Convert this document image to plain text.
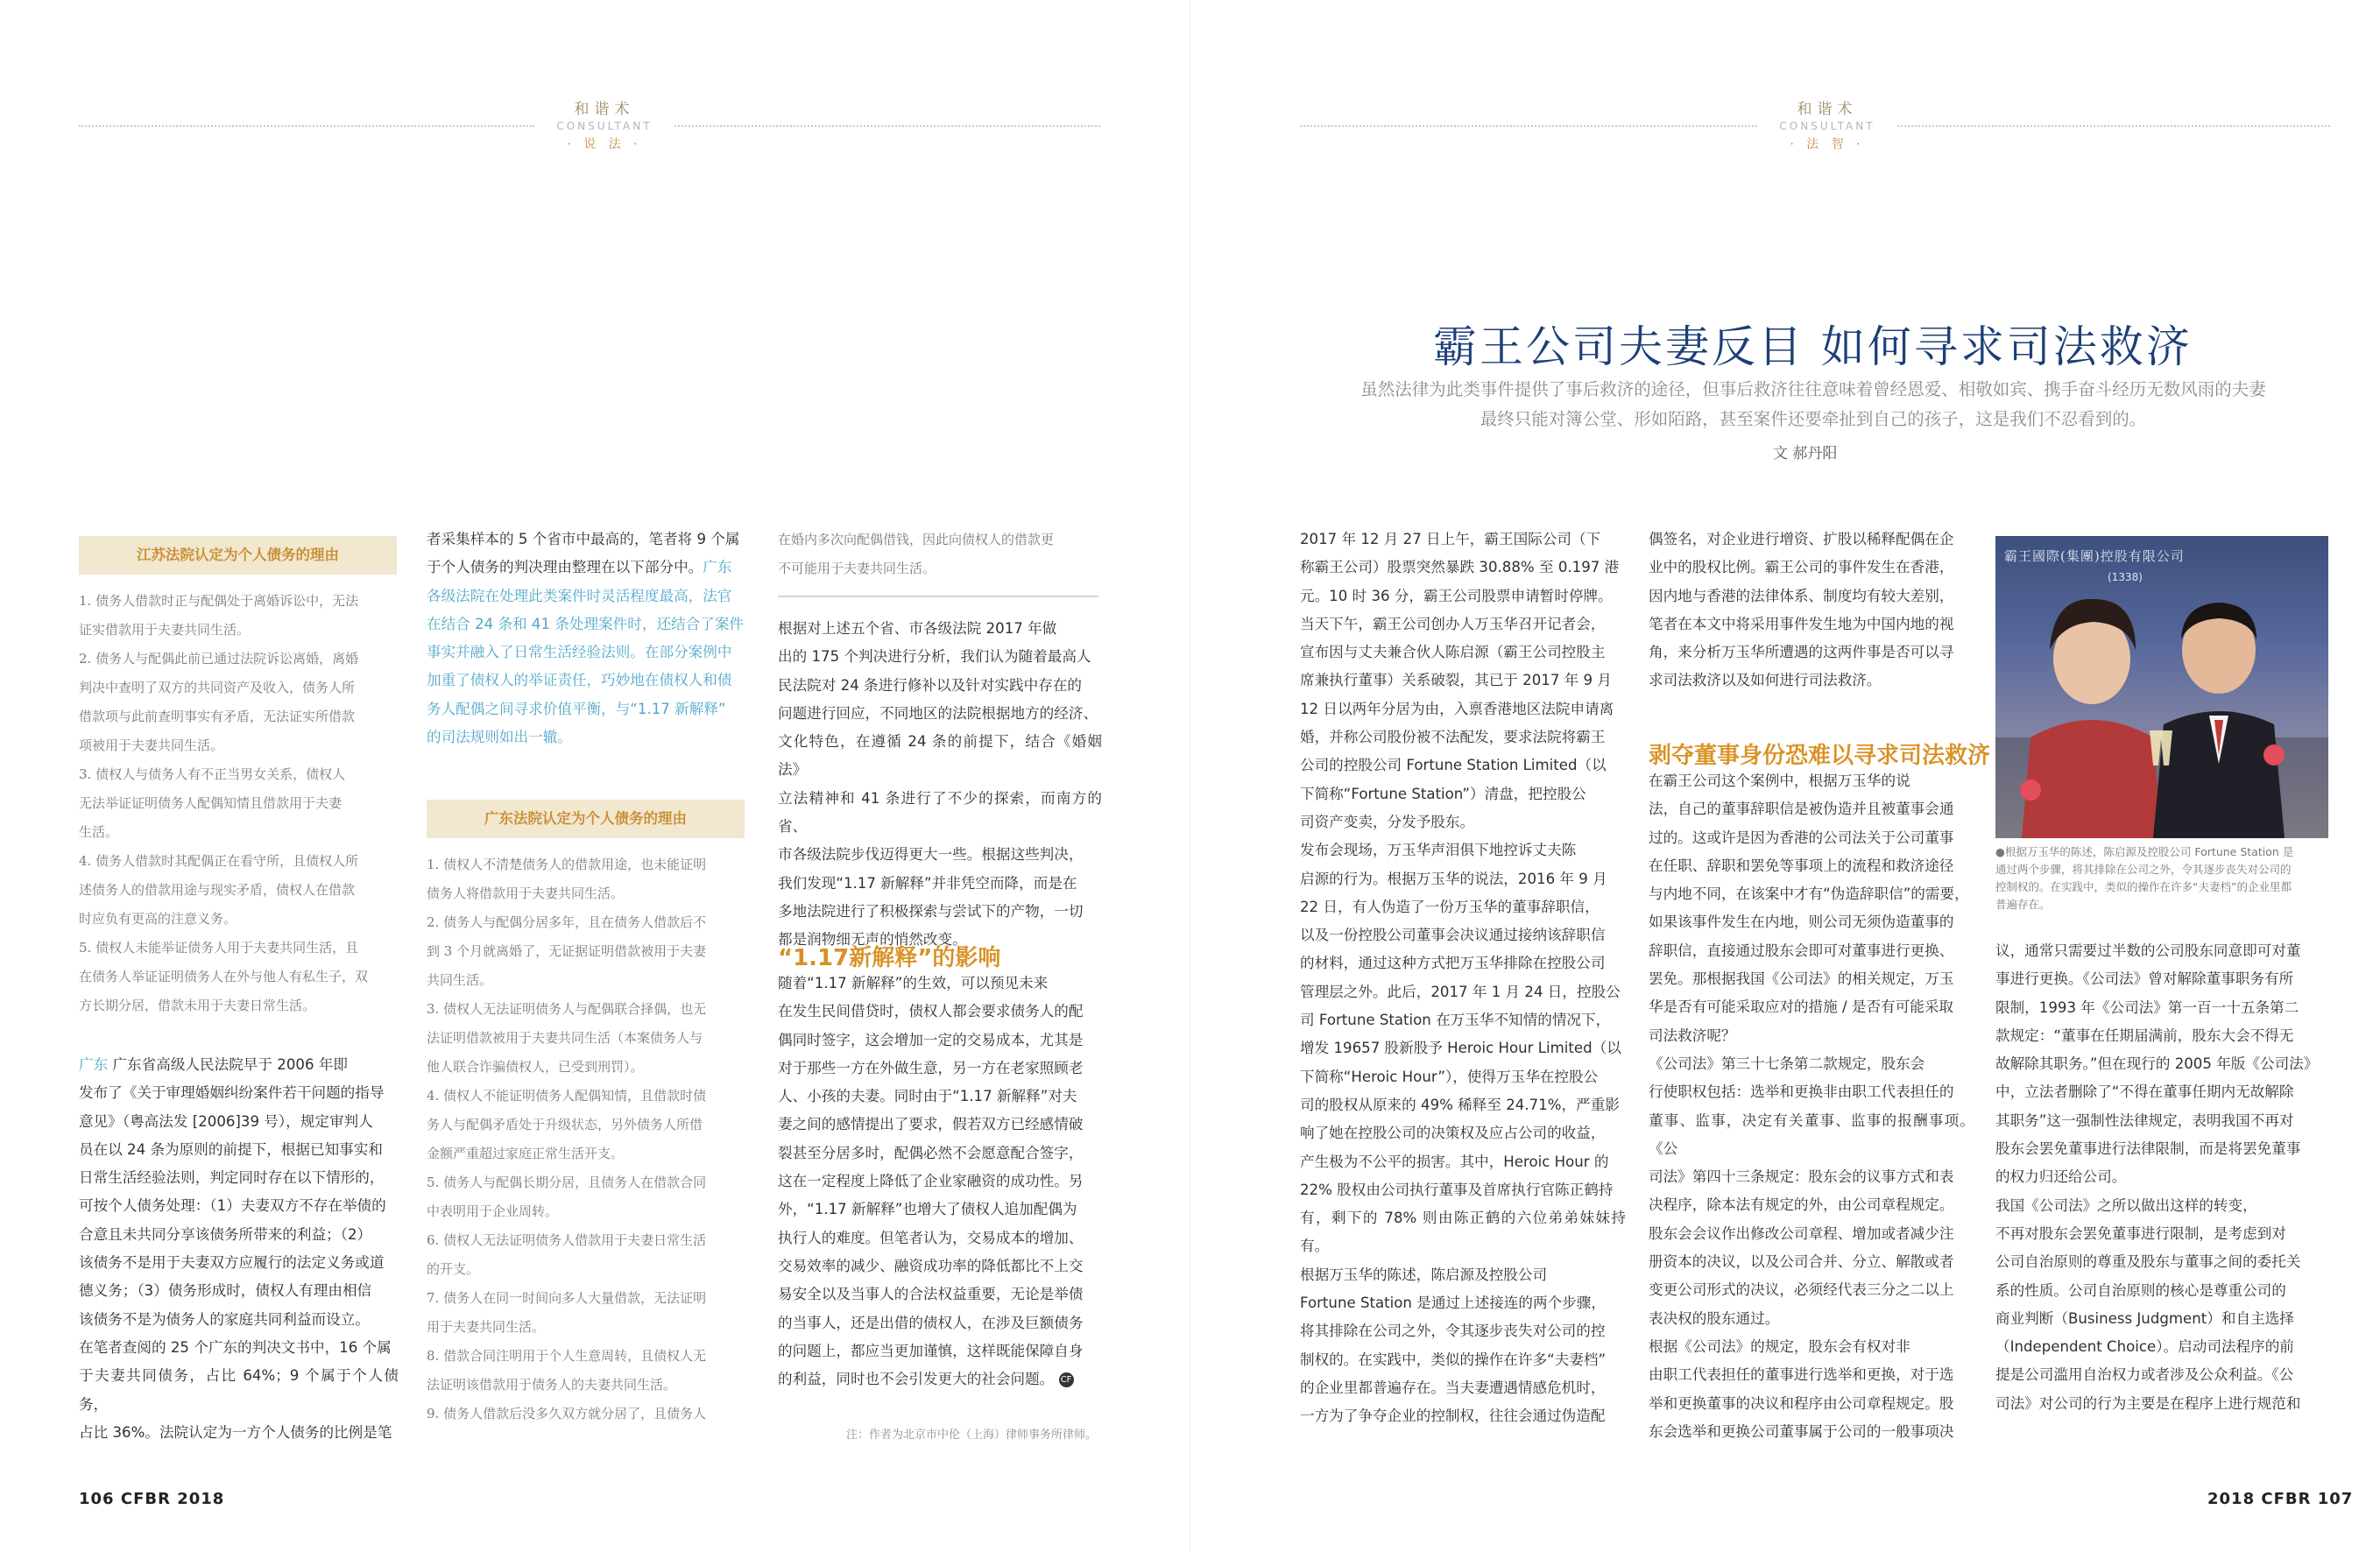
和谐术
CONSULTANT
· 说 法 ·
和谐术
CONSULTANT
· 法 智 ·
霸王公司夫妻反目 如何寻求司法救济
虽然法律为此类事件提供了事后救济的途径，但事后救济往往意味着曾经恩爱、相敬如宾、携手奋斗经历无数风雨的夫妻
最终只能对簿公堂、形如陌路，甚至案件还要牵扯到自己的孩子，这是我们不忍看到的。
文 郝丹阳
江苏法院认定为个人债务的理由
1. 债务人借款时正与配偶处于离婚诉讼中，无法
证实借款用于夫妻共同生活。
2. 债务人与配偶此前已通过法院诉讼离婚，离婚
判决中查明了双方的共同资产及收入，债务人所
借款项与此前查明事实有矛盾，无法证实所借款
项被用于夫妻共同生活。
3. 债权人与债务人有不正当男女关系，债权人
无法举证证明债务人配偶知情且借款用于夫妻
生活。
4. 债务人借款时其配偶正在看守所，且债权人所
述债务人的借款用途与现实矛盾，债权人在借款
时应负有更高的注意义务。
5. 债权人未能举证债务人用于夫妻共同生活，且
在债务人举证证明债务人在外与他人有私生子，双
方长期分居，借款未用于夫妻日常生活。

广东 广东省高级人民法院早于 2006 年即
发布了《关于审理婚姻纠纷案件若干问题的指导
意见》（粤高法发 [2006]39 号），规定审判人
员在以 24 条为原则的前提下，根据已知事实和
日常生活经验法则，判定同时存在以下情形的，
可按个人债务处理：（1）夫妻双方不存在举债的
合意且未共同分享该债务所带来的利益；（2）
该债务不是用于夫妻双方应履行的法定义务或道
德义务；（3）债务形成时，债权人有理由相信
该债务不是为债务人的家庭共同利益而设立。
在笔者查阅的 25 个广东的判决文书中，16 个属
于夫妻共同债务，占比 64%；9 个属于个人债务，
占比 36%。法院认定为一方个人债务的比例是笔

者采集样本的 5 个省市中最高的，笔者将 9 个属
于个人债务的判决理由整理在以下部分中。广东
各级法院在处理此类案件时灵活程度最高，法官
在结合 24 条和 41 条处理案件时，还结合了案件
事实并融入了日常生活经验法则。在部分案例中
加重了债权人的举证责任，巧妙地在债权人和债
务人配偶之间寻求价值平衡，与“1.17 新解释”
的司法规则如出一辙。

广东法院认定为个人债务的理由
1. 债权人不清楚债务人的借款用途，也未能证明
债务人将借款用于夫妻共同生活。
2. 债务人与配偶分居多年，且在债务人借款后不
到 3 个月就离婚了，无证据证明借款被用于夫妻
共同生活。
3. 债权人无法证明债务人与配偶联合择偶，也无
法证明借款被用于夫妻共同生活（本案债务人与
他人联合诈骗债权人，已受到刑罚）。
4. 债权人不能证明债务人配偶知情，且借款时债
务人与配偶矛盾处于升级状态，另外债务人所借
金额严重超过家庭正常生活开支。
5. 债务人与配偶长期分居，且债务人在借款合同
中表明用于企业周转。
6. 债权人无法证明债务人借款用于夫妻日常生活
的开支。
7. 债务人在同一时间向多人大量借款，无法证明
用于夫妻共同生活。
8. 借款合同注明用于个人生意周转，且债权人无
法证明该借款用于债务人的夫妻共同生活。
9. 债务人借款后没多久双方就分居了，且债务人
在婚内多次向配偶借钱，因此向债权人的借款更
不可能用于夫妻共同生活。
根据对上述五个省、市各级法院 2017 年做
出的 175 个判决进行分析，我们认为随着最高人
民法院对 24 条进行修补以及针对实践中存在的
问题进行回应，不同地区的法院根据地方的经济、
文化特色，在遵循 24 条的前提下，结合《婚姻法》
立法精神和 41 条进行了不少的探索，而南方的省、
市各级法院步伐迈得更大一些。根据这些判决，
我们发现“1.17 新解释”并非凭空而降，而是在
多地法院进行了积极探索与尝试下的产物，一切
都是润物细无声的悄然改变。
“1.17新解释”的影响
随着“1.17 新解释”的生效，可以预见未来
在发生民间借贷时，债权人都会要求债务人的配
偶同时签字，这会增加一定的交易成本，尤其是
对于那些一方在外做生意，另一方在老家照顾老
人、小孩的夫妻。同时由于“1.17 新解释”对夫
妻之间的感情提出了要求，假若双方已经感情破
裂甚至分居多时，配偶必然不会愿意配合签字，
这在一定程度上降低了企业家融资的成功性。另
外，“1.17 新解释”也增大了债权人追加配偶为
执行人的难度。但笔者认为，交易成本的增加、
交易效率的减少、融资成功率的降低都比不上交
易安全以及当事人的合法权益重要，无论是举债
的当事人，还是出借的债权人，在涉及巨额债务
的问题上，都应当更加谨慎，这样既能保障自身
的利益，同时也不会引发更大的社会问题。 CF
注：作者为北京市中伦（上海）律师事务所律师。
2017 年 12 月 27 日上午，霸王国际公司（下
称霸王公司）股票突然暴跌 30.88% 至 0.197 港
元。10 时 36 分，霸王公司股票申请暂时停牌。
当天下午，霸王公司创办人万玉华召开记者会，
宣布因与丈夫兼合伙人陈启源（霸王公司控股主
席兼执行董事）关系破裂，其已于 2017 年 9 月
12 日以两年分居为由，入禀香港地区法院申请离
婚，并称公司股份被不法配发，要求法院将霸王
公司的控股公司 Fortune Station Limited（以
下简称“Fortune Station”）清盘，把控股公
司资产变卖，分发予股东。
发布会现场，万玉华声泪俱下地控诉丈夫陈
启源的行为。根据万玉华的说法，2016 年 9 月
22 日，有人伪造了一份万玉华的董事辞职信，
以及一份控股公司董事会决议通过接纳该辞职信
的材料，通过这种方式把万玉华排除在控股公司
管理层之外。此后，2017 年 1 月 24 日，控股公
司 Fortune Station 在万玉华不知情的情况下，
增发 19657 股新股予 Heroic Hour Limited（以
下简称“Heroic Hour”），使得万玉华在控股公
司的股权从原来的 49% 稀释至 24.71%，严重影
响了她在控股公司的决策权及应占公司的收益，
产生极为不公平的损害。其中，Heroic Hour 的
22% 股权由公司执行董事及首席执行官陈正鹤持
有，剩下的 78% 则由陈正鹤的六位弟弟妹妹持有。
根据万玉华的陈述，陈启源及控股公司
Fortune Station 是通过上述接连的两个步骤，
将其排除在公司之外，令其逐步丧失对公司的控
制权的。在实践中，类似的操作在许多“夫妻档”
的企业里都普遍存在。当夫妻遭遇情感危机时，
一方为了争夺企业的控制权，往往会通过伪造配
偶签名，对企业进行增资、扩股以稀释配偶在企
业中的股权比例。霸王公司的事件发生在香港，
因内地与香港的法律体系、制度均有较大差别，
笔者在本文中将采用事件发生地为中国内地的视
角，来分析万玉华所遭遇的这两件事是否可以寻
求司法救济以及如何进行司法救济。
剥夺董事身份恐难以寻求司法救济
在霸王公司这个案例中，根据万玉华的说
法，自己的董事辞职信是被伪造并且被董事会通
过的。这或许是因为香港的公司法关于公司董事
在任职、辞职和罢免等事项上的流程和救济途径
与内地不同，在该案中才有“伪造辞职信”的需要，
如果该事件发生在内地，则公司无须伪造董事的
辞职信，直接通过股东会即可对董事进行更换、
罢免。那根据我国《公司法》的相关规定，万玉
华是否有可能采取应对的措施 / 是否有可能采取
司法救济呢？
《公司法》第三十七条第二款规定，股东会
行使职权包括：选举和更换非由职工代表担任的
董事、监事，决定有关董事、监事的报酬事项。《公
司法》第四十三条规定：股东会的议事方式和表
决程序，除本法有规定的外，由公司章程规定。
股东会会议作出修改公司章程、增加或者减少注
册资本的决议，以及公司合并、分立、解散或者
变更公司形式的决议，必须经代表三分之二以上
表决权的股东通过。
根据《公司法》的规定，股东会有权对非
由职工代表担任的董事进行选举和更换，对于选
举和更换董事的决议和程序由公司章程规定。股
东会选举和更换公司董事属于公司的一般事项决
霸王國際(集團)控股有限公司
(1338)
●根据万玉华的陈述，陈启源及控股公司 Fortune Station 是
通过两个步骤，将其排除在公司之外，令其逐步丧失对公司的
控制权的。在实践中，类似的操作在许多“夫妻档”的企业里都
普遍存在。
议，通常只需要过半数的公司股东同意即可对董
事进行更换。《公司法》曾对解除董事职务有所
限制，1993 年《公司法》第一百一十五条第二
款规定：“董事在任期届满前，股东大会不得无
故解除其职务。”但在现行的 2005 年版《公司法》
中，立法者删除了“不得在董事任期内无故解除
其职务”这一强制性法律规定，表明我国不再对
股东会罢免董事进行法律限制，而是将罢免董事
的权力归还给公司。
我国《公司法》之所以做出这样的转变，
不再对股东会罢免董事进行限制，是考虑到对
公司自治原则的尊重及股东与董事之间的委托关
系的性质。公司自治原则的核心是尊重公司的
商业判断（Business Judgment）和自主选择
（Independent Choice）。启动司法程序的前
提是公司滥用自治权力或者涉及公众利益。《公
司法》对公司的行为主要是在程序上进行规范和
106 CFBR 2018	2018 CFBR 107
